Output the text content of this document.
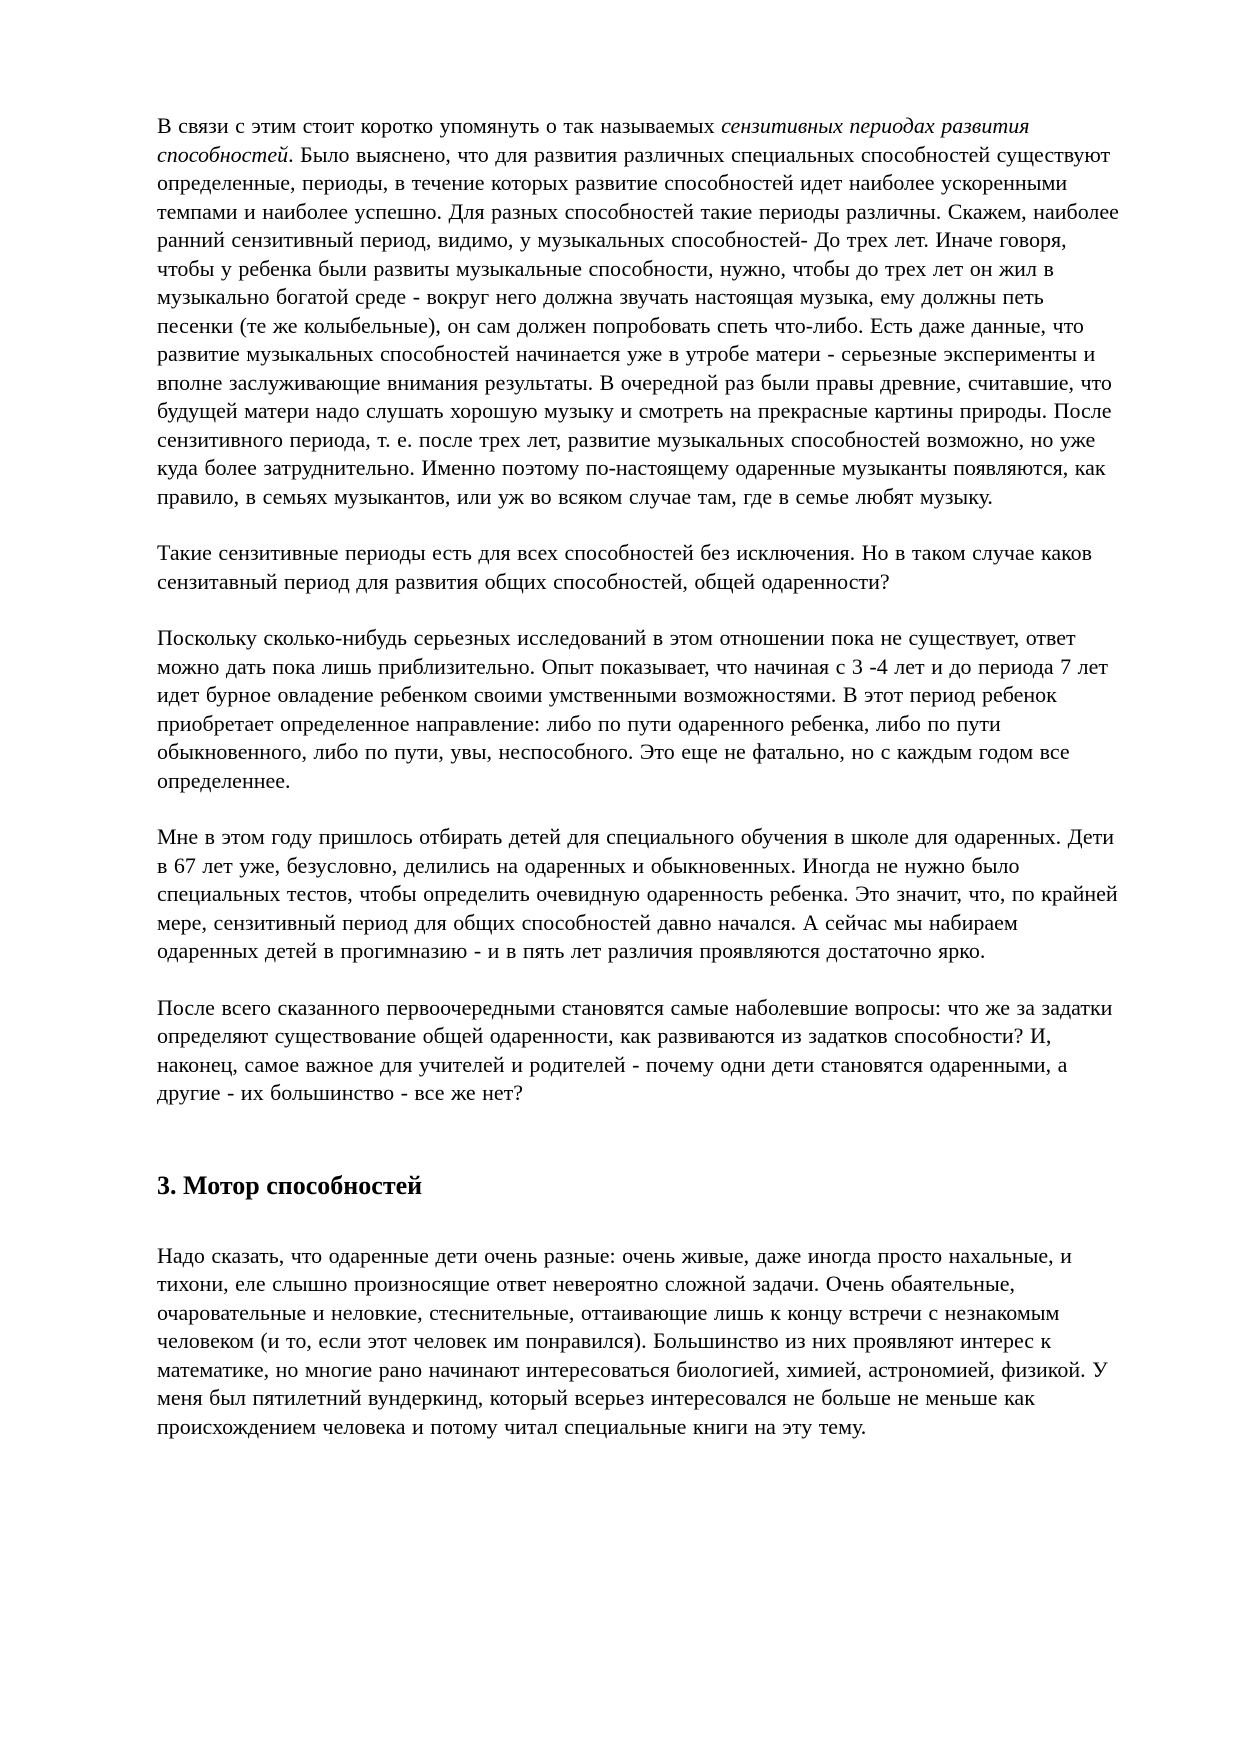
В связи с этим стоит коротко упомянуть о так называемых сензитивных периодах развития способностей. Было выяснено, что для развития различных специальных способностей существуют определенные, периоды, в течение которых развитие способностей идет наиболее ускоренными темпами и наиболее успешно. Для разных способностей такие периоды различны. Скажем, наиболее ранний сензитивный период, видимо, у музыкальных способностей- До трех лет. Иначе говоря, чтобы у ребенка были развиты музыкальные способности, нужно, чтобы до трех лет он жил в музыкально богатой среде - вокруг него должна звучать настоящая музыка, ему должны петь песенки (те же колыбельные), он сам должен попробовать спеть что-либо. Есть даже данные, что развитие музыкальных способностей начинается уже в утробе матери - серьезные эксперименты и вполне заслуживающие внимания результаты. В очередной раз были правы древние, считавшие, что будущей матери надо слушать хорошую музыку и смотреть на прекрасные картины природы. После сензитивного периода, т. е. после трех лет, развитие музыкальных способностей возможно, но уже куда более затруднительно. Именно поэтому по-настоящему одаренные музыканты появляются, как правило, в семьях музыкантов, или уж во всяком случае там, где в семье любят музыку.

Такие сензитивные периоды есть для всех способностей без исключения. Но в таком случае каков сензитавный период для развития общих способностей, общей одаренности?

Поскольку сколько-нибудь серьезных исследований в этом отношении пока не существует, ответ можно дать пока лишь приблизительно. Опыт показывает, что начиная с 3 -4 лет и до периода 7 лет идет бурное овладение ребенком своими умственными возможностями. В этот период ребенок приобретает определенное направление: либо по пути одаренного ребенка, либо по пути обыкновенного, либо по пути, увы, неспособного. Это еще не фатально, но с каждым годом все определеннее.

Мне в этом году пришлось отбирать детей для специального обучения в школе для одаренных. Дети в 67 лет уже, безусловно, делились на одаренных и обыкновенных. Иногда не нужно было специальных тестов, чтобы определить очевидную одаренность ребенка. Это значит, что, по крайней мере, сензитивный период для общих способностей давно начался. А сейчас мы набираем одаренных детей в прогимназию - и в пять лет различия проявляются достаточно ярко.

После всего сказанного первоочередными становятся самые наболевшие вопросы: что же за задатки определяют существование общей одаренности, как развиваются из задатков способности? И, наконец, самое важное для учителей и родителей - почему одни дети становятся одаренными, а другие - их большинство - все же нет?

3. Мотор способностей

Надо сказать, что одаренные дети очень разные: очень живые, даже иногда просто нахальные, и тихони, еле слышно произносящие ответ невероятно сложной задачи. Очень обаятельные, очаровательные и неловкие, стеснительные, оттаивающие лишь к концу встречи с незнакомым человеком (и то, если этот человек им понравился). Большинство из них проявляют интерес к математике, но многие рано начинают интересоваться биологией, химией, астрономией, физикой. У меня был пятилетний вундеркинд, который всерьез интересовался не больше не меньше как происхождением человека и потому читал специальные книги на эту тему.
